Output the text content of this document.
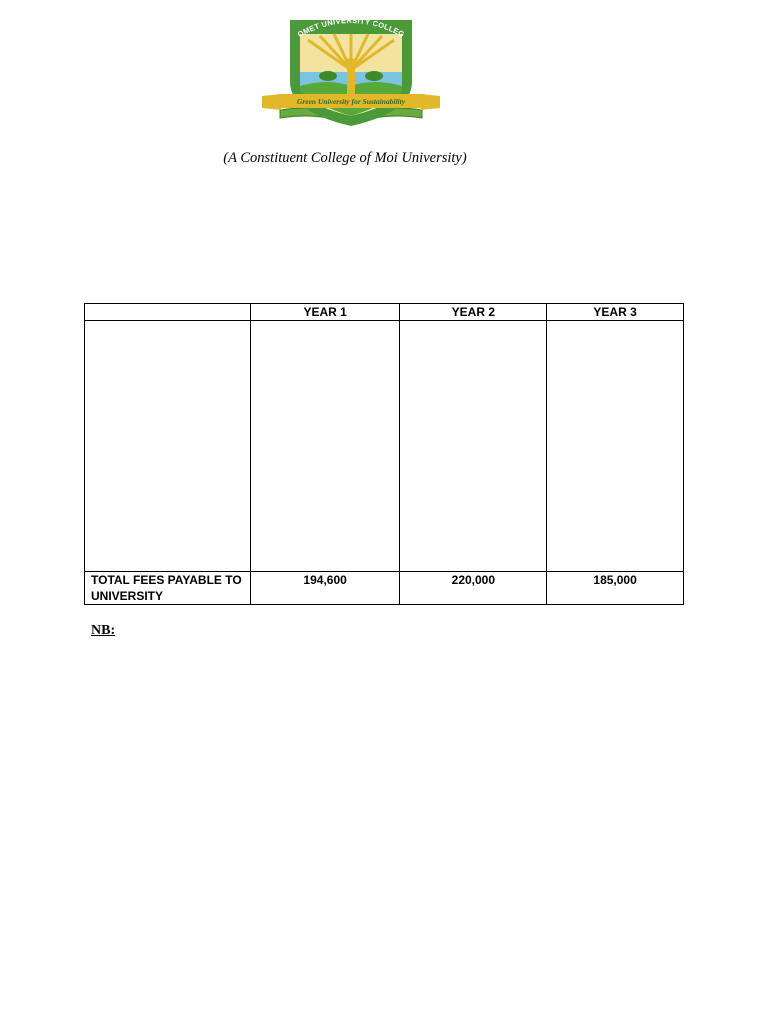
OMET UNIVERSITY COLLEG
Green University for Sustainability
(A Constituent College of Moi University)
	YEAR 1	YEAR 2	YEAR 3

TOTAL FEES PAYABLE TO UNIVERSITY	194,600	220,000	185,000
NB:
